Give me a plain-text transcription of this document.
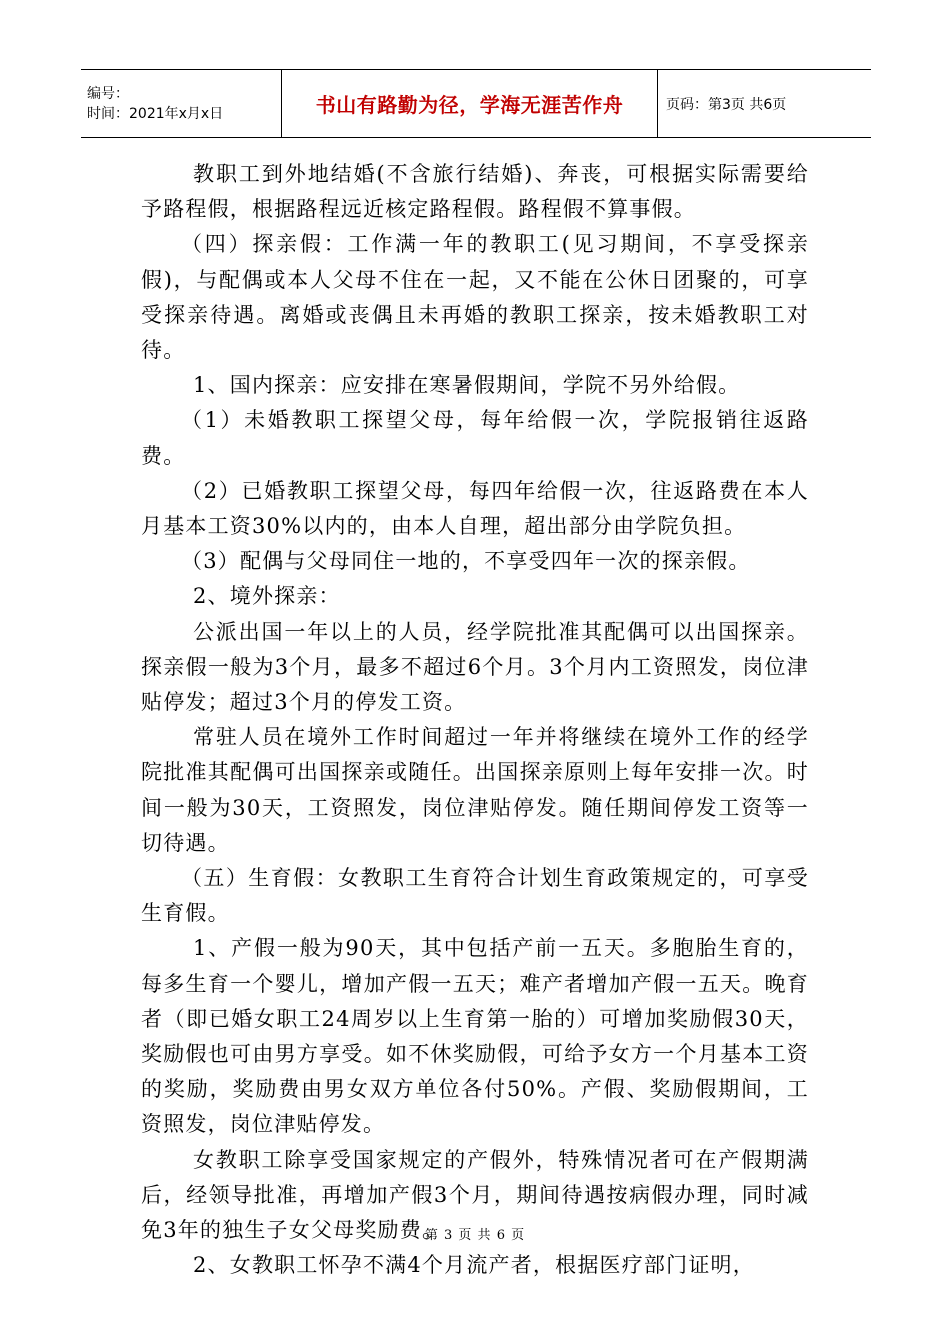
编号：
时间：2021年x月x日	书山有路勤为径，学海无涯苦作舟	页码：第3页 共6页

教职工到外地结婚(不含旅行结婚)、奔丧，可根据实际需要给予路程假，根据路程远近核定路程假。路程假不算事假。

（四）探亲假：工作满一年的教职工(见习期间，不享受探亲假)，与配偶或本人父母不住在一起，又不能在公休日团聚的，可享受探亲待遇。离婚或丧偶且未再婚的教职工探亲，按未婚教职工对待。

1、国内探亲：应安排在寒暑假期间，学院不另外给假。

（1）未婚教职工探望父母，每年给假一次，学院报销往返路费。

（2）已婚教职工探望父母，每四年给假一次，往返路费在本人月基本工资30%以内的，由本人自理，超出部分由学院负担。

（3）配偶与父母同住一地的，不享受四年一次的探亲假。

2、境外探亲：

公派出国一年以上的人员，经学院批准其配偶可以出国探亲。探亲假一般为3个月，最多不超过6个月。3个月内工资照发，岗位津贴停发；超过3个月的停发工资。

常驻人员在境外工作时间超过一年并将继续在境外工作的经学院批准其配偶可出国探亲或随任。出国探亲原则上每年安排一次。时间一般为30天，工资照发，岗位津贴停发。随任期间停发工资等一切待遇。

（五）生育假：女教职工生育符合计划生育政策规定的，可享受生育假。

1、产假一般为90天，其中包括产前一五天。多胞胎生育的，每多生育一个婴儿，增加产假一五天；难产者增加产假一五天。晚育者（即已婚女职工24周岁以上生育第一胎的）可增加奖励假30天，奖励假也可由男方享受。如不休奖励假，可给予女方一个月基本工资的奖励，奖励费由男女双方单位各付50%。产假、奖励假期间，工资照发，岗位津贴停发。

女教职工除享受国家规定的产假外，特殊情况者可在产假期满后，经领导批准，再增加产假3个月，期间待遇按病假办理，同时减免3年的独生子女父母奖励费。

2、女教职工怀孕不满4个月流产者，根据医疗部门证明，

第 3 页 共 6 页
